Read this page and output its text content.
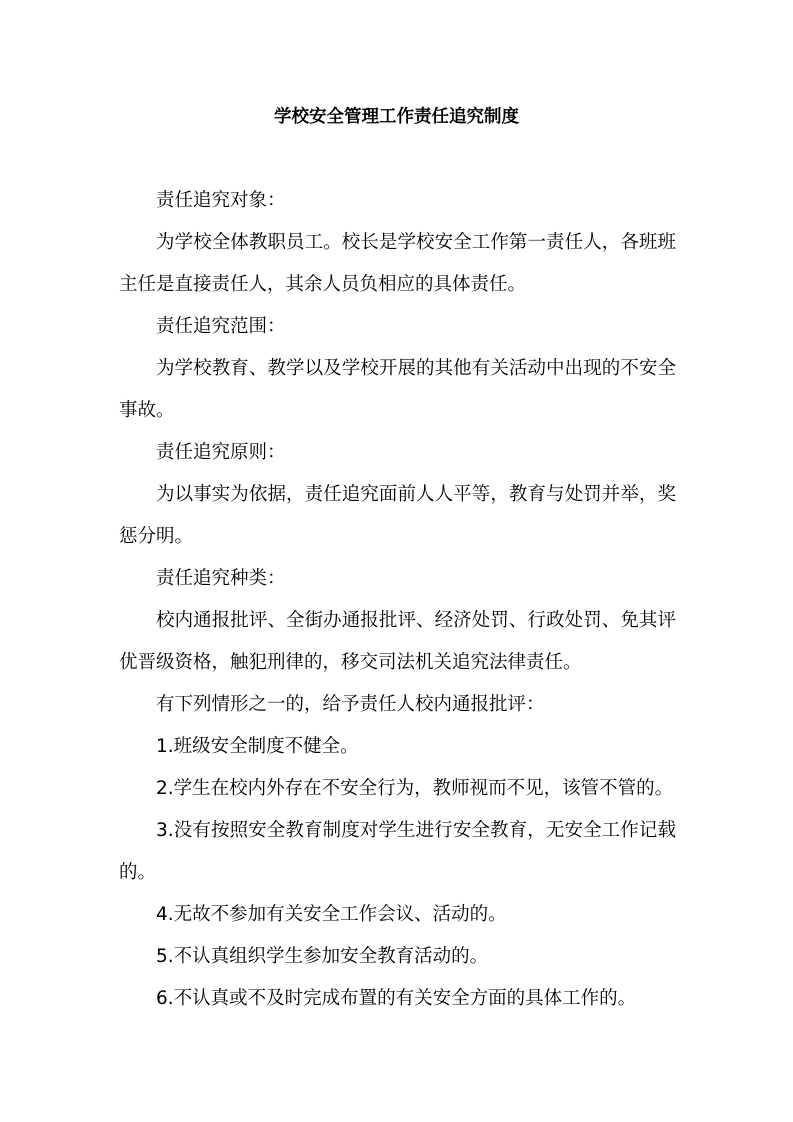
学校安全管理工作责任追究制度

责任追究对象：

为学校全体教职员工。校长是学校安全工作第一责任人，各班班主任是直接责任人，其余人员负相应的具体责任。

责任追究范围：

为学校教育、教学以及学校开展的其他有关活动中出现的不安全事故。

责任追究原则：

为以事实为依据，责任追究面前人人平等，教育与处罚并举，奖惩分明。

责任追究种类：

校内通报批评、全街办通报批评、经济处罚、行政处罚、免其评优晋级资格，触犯刑律的，移交司法机关追究法律责任。

有下列情形之一的，给予责任人校内通报批评：

1.班级安全制度不健全。

2.学生在校内外存在不安全行为，教师视而不见，该管不管的。

3.没有按照安全教育制度对学生进行安全教育，无安全工作记载的。

4.无故不参加有关安全工作会议、活动的。

5.不认真组织学生参加安全教育活动的。

6.不认真或不及时完成布置的有关安全方面的具体工作的。
